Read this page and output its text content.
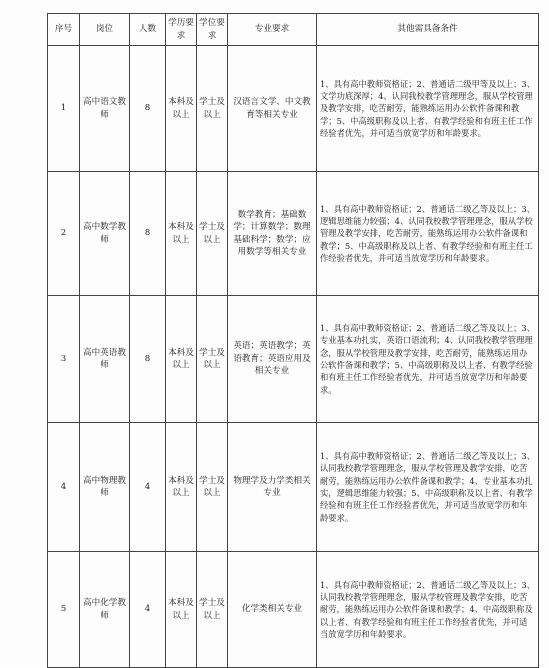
序号	岗位	人数	学历要求	学位要求	专业要求	其他需具备条件
1	高中语文教师	8	本科及以上	学士及以上	汉语言文学、中文教育等相关专业	1、具有高中教师资格证；2、普通话二级甲等及以上；3、文学功底深厚；4、认同我校教学管理理念，服从学校管理及教学安排，吃苦耐劳，能熟练运用办公软件备课和教学；5、中高级职称及以上者、有教学经验和有班主任工作经验者优先，并可适当放宽学历和年龄要求。
2	高中数学教师	8	本科及以上	学士及以上	数学教育；基础数学；计算数学；数理基础科学；数学；应用数学等相关专业	1、具有高中教师资格证；2、普通话二级乙等及以上；3、逻辑思维能力较强；4、认同我校教学管理理念，服从学校管理及教学安排，吃苦耐劳，能熟练运用办公软件备课和教学；5、中高级职称及以上者、有教学经验和有班主任工作经验者优先，并可适当放宽学历和年龄要求。
3	高中英语教师	8	本科及以上	学士及以上	英语；英语教学；英语教育；英语应用及相关专业	1、具有高中教师资格证；2、普通话二级乙等及以上；3、专业基本功扎实，英语口语流利；4、认同我校教学管理理念，服从学校管理及教学安排，吃苦耐劳，能熟练运用办公软件备课和教学；5、中高级职称及以上者、有教学经验和有班主任工作经验者优先，并可适当放宽学历和年龄要求。
4	高中物理教师	4	本科及以上	学士及以上	物理学及力学类相关专业	1、具有高中教师资格证；2、普通话二级乙等及以上；3、认同我校教学管理理念，服从学校管理及教学安排，吃苦耐劳，能熟练运用办公软件备课和教学；4、专业基本功扎实，逻辑思维能力较强；5、中高级职称及以上者、有教学经验和有班主任工作经验者优先，并可适当放宽学历和年龄要求。
5	高中化学教师	4	本科及以上	学士及以上	化学类相关专业	1、具有高中教师资格证；2、普通话二级乙等及以上；3、认同我校教学管理理念，服从学校管理及教学安排，吃苦耐劳，能熟练运用办公软件备课和教学；4、中高级职称及以上者、有教学经验和有班主任工作经验者优先，并可适当放宽学历和年龄要求。
